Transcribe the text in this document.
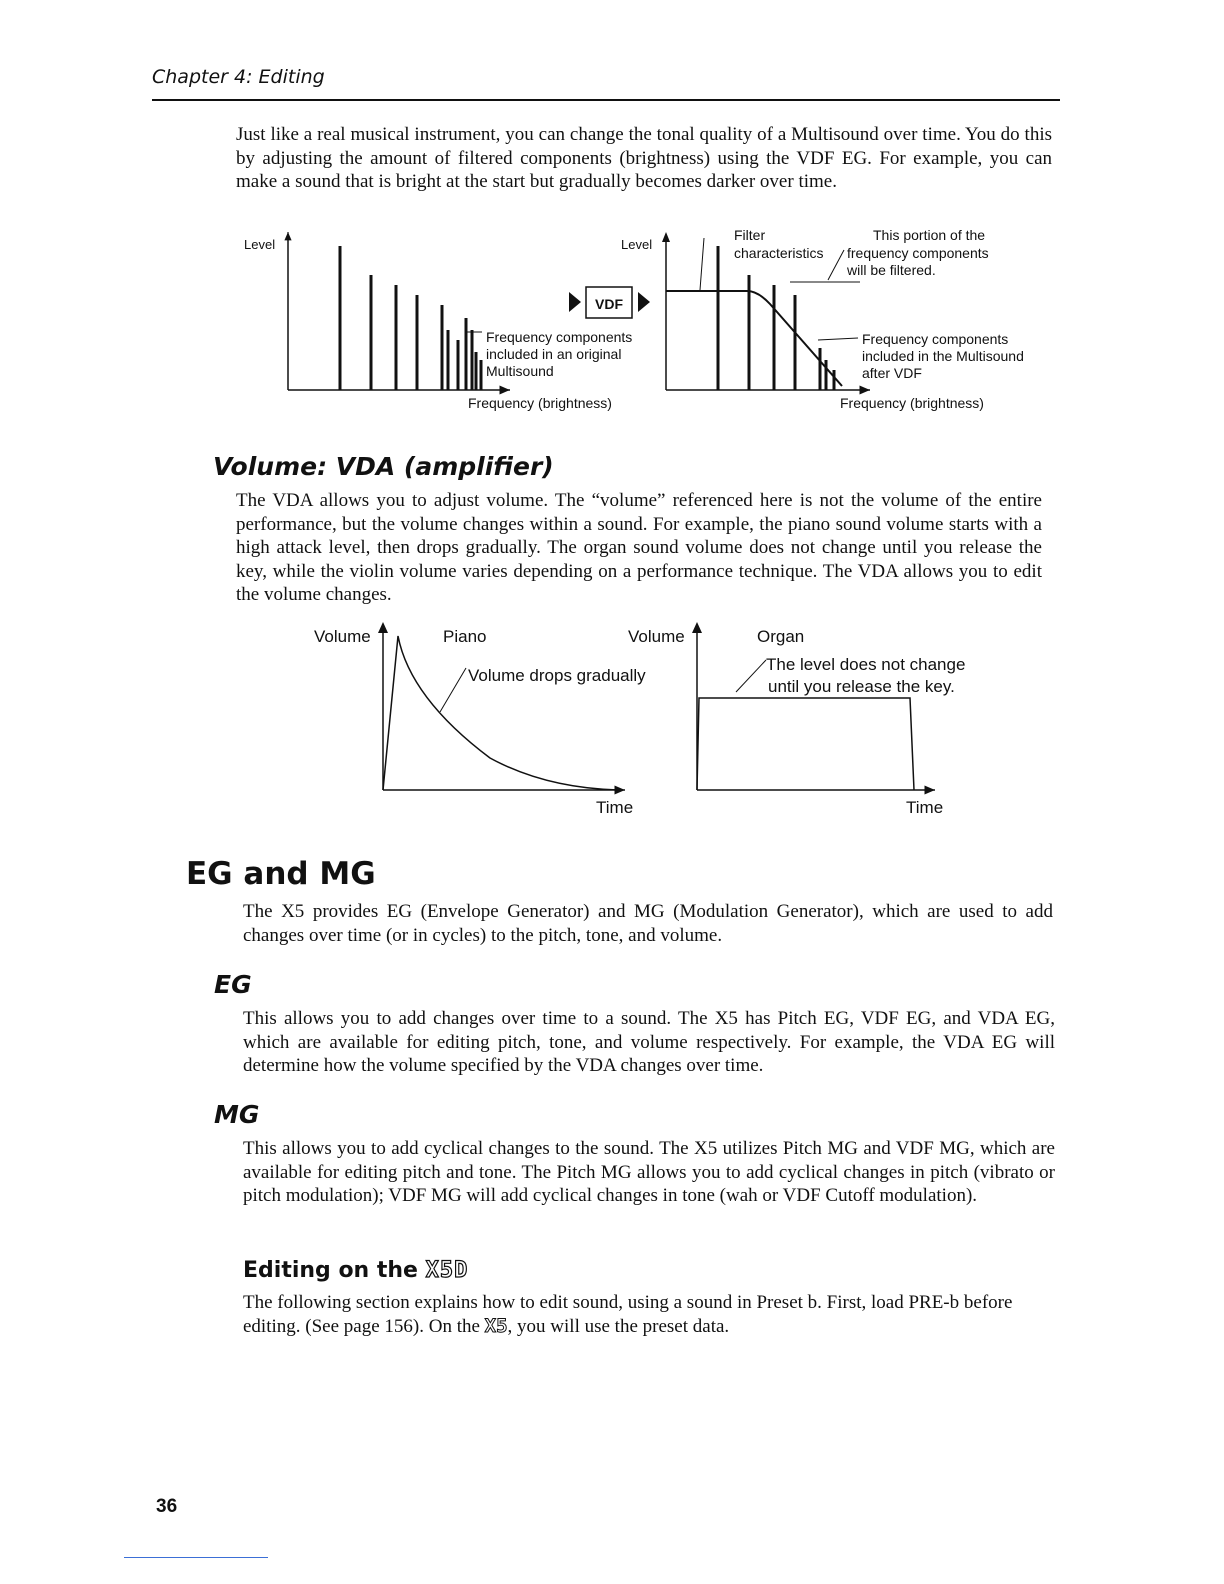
Chapter 4: Editing

Just like a real musical instrument, you can change the tonal quality of a Multisound over time. You do this by adjusting the amount of filtered components (brightness) using the VDF EG. For example, you can make a sound that is bright at the start but gradually becomes darker over time.

Level
Frequency components
included in an original
Multisound
Frequency (brightness)
VDF
Level
Filter
characteristics
This portion of the
frequency components
will be filtered.
Frequency components
included in the Multisound
after VDF
Frequency (brightness)
Volume: VDA (amplifier)

The VDA allows you to adjust volume. The “volume” referenced here is not the volume of the entire performance, but the volume changes within a sound. For example, the piano sound volume starts with a high attack level, then drops gradually. The organ sound volume does not change until you release the key, while the violin volume varies depending on a performance technique. The VDA allows you to edit the volume changes.

Volume	Piano
Volume drops gradually
Time
Volume	Organ
The level does not change
until you release the key.
Time
EG and MG

The X5 provides EG (Envelope Generator) and MG (Modulation Generator), which are used to add changes over time (or in cycles) to the pitch, tone, and volume.

EG

This allows you to add changes over time to a sound. The X5 has Pitch EG, VDF EG, and VDA EG, which are available for editing pitch, tone, and volume respectively. For example, the VDA EG will determine how the volume specified by the VDA changes over time.

MG

This allows you to add cyclical changes to the sound. The X5 utilizes Pitch MG and VDF MG, which are available for editing pitch and tone. The Pitch MG allows you to add cyclical changes in pitch (vibrato or pitch modulation); VDF MG will add cyclical changes in tone (wah or VDF Cutoff modulation).

Editing on the X5D

The following section explains how to edit sound, using a sound in Preset b. First, load PRE-b before editing. (See page 156). On the X5, you will use the preset data.

36
